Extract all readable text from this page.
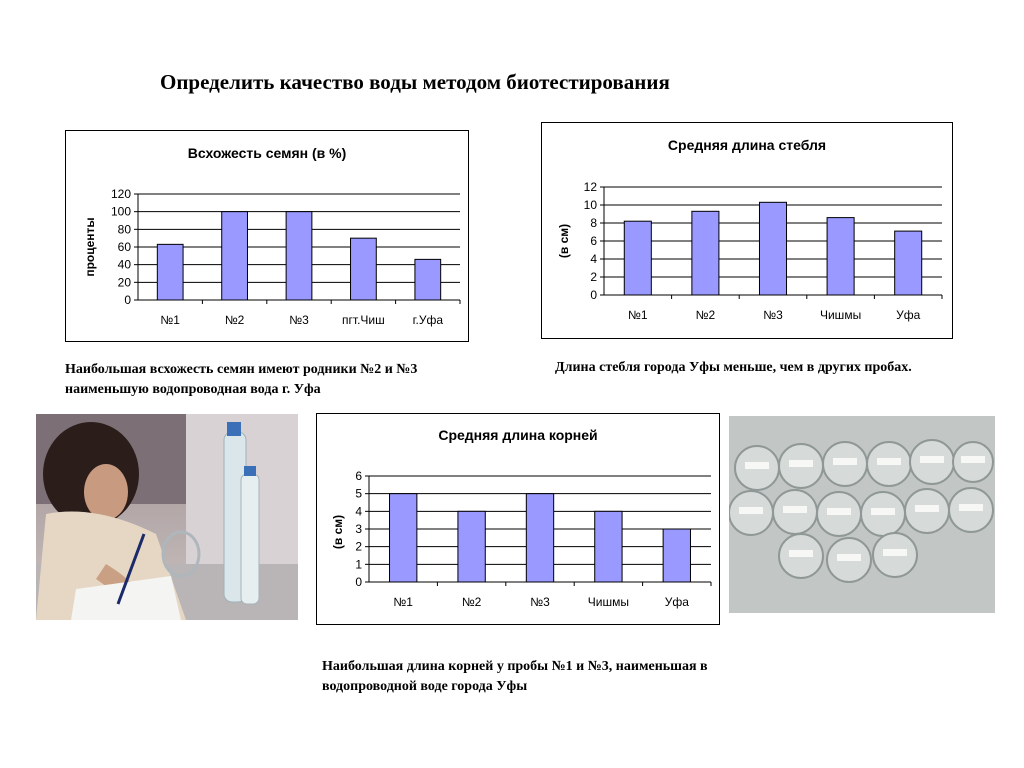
Определить качество воды методом биотестирования
Всхожесть семян (в %)
проценты
0
20
40
60
80
100
120
№1	№2	№3	пгт.Чиш г.Уфа
Средняя длина стебля
(в см)
0
2
4
6
8
10
12
№1	№2	№3	Чишмы	Уфа
Средняя длина корней
(в см)
0
1
2
3
4
5
6
№1	№2	№3	Чишмы	Уфа
Наибольшая всхожесть семян имеют родники №2 и №3 наименьшую водопроводная вода г. Уфа
Длина стебля города Уфы меньше, чем в других пробах.
Наибольшая длина корней у пробы №1 и №3, наименьшая в водопроводной воде города Уфы
